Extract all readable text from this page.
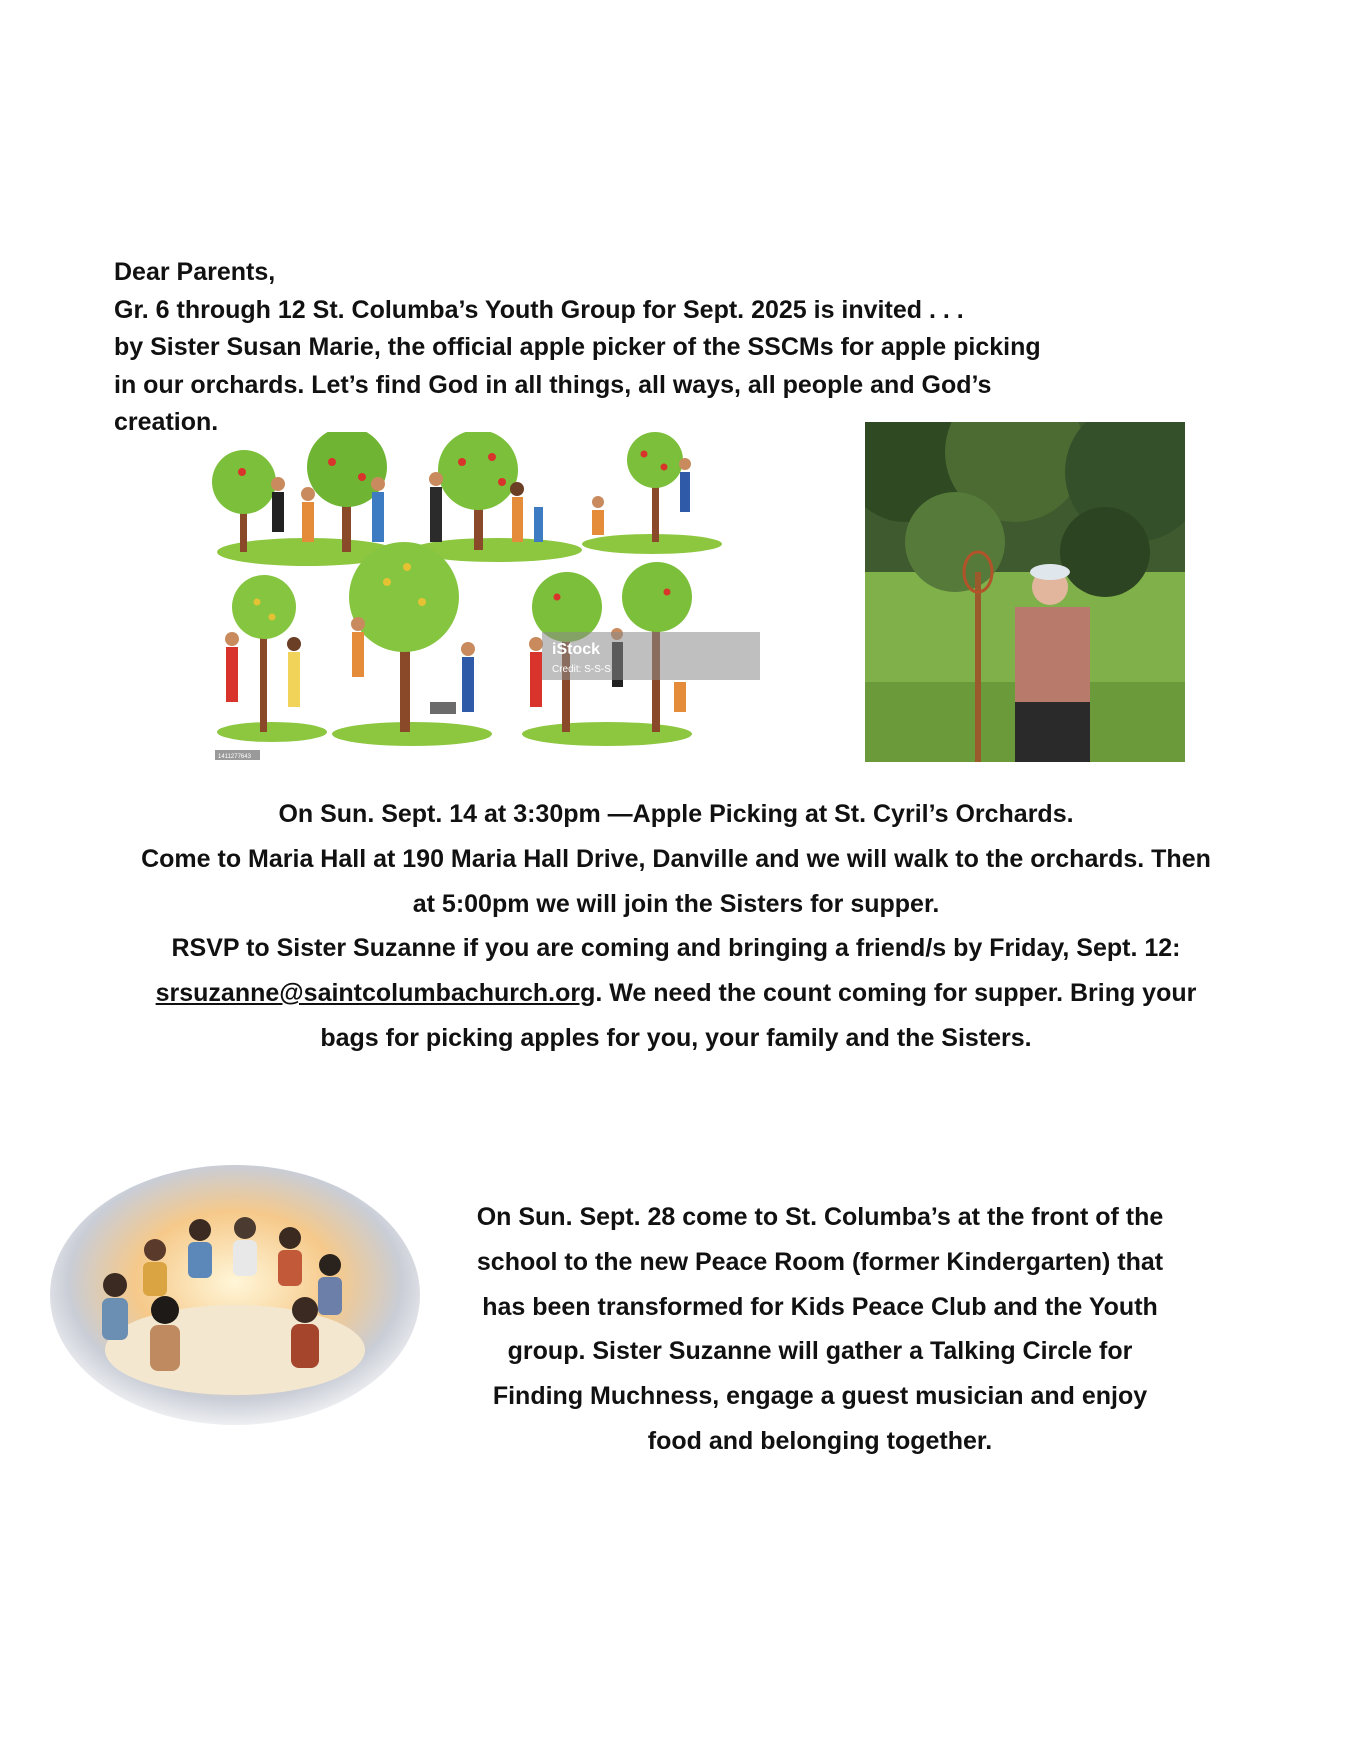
Dear Parents,
Gr. 6 through 12 St. Columba’s Youth Group for Sept. 2025 is invited . . .
by Sister Susan Marie, the official apple picker of the SSCMs for apple picking
in our orchards. Let’s find God in all things, all ways, all people and God’s
creation.
iStock
Credit: S-S-S
1411277643
On Sun. Sept. 14 at 3:30pm —Apple Picking at St. Cyril’s Orchards.
Come to Maria Hall at 190 Maria Hall Drive, Danville and we will walk to the orchards. Then
at 5:00pm we will join the Sisters for supper.
RSVP to Sister Suzanne if you are coming and bringing a friend/s by Friday, Sept. 12:
srsuzanne@saintcolumbachurch.org. We need the count coming for supper. Bring your
bags for picking apples for you, your family and the Sisters.
On Sun. Sept. 28 come to St. Columba’s at the front of the
school to the new Peace Room (former Kindergarten) that
has been transformed for Kids Peace Club and the Youth
group. Sister Suzanne will gather a Talking Circle for
Finding Muchness, engage a guest musician and enjoy
food and belonging together.
